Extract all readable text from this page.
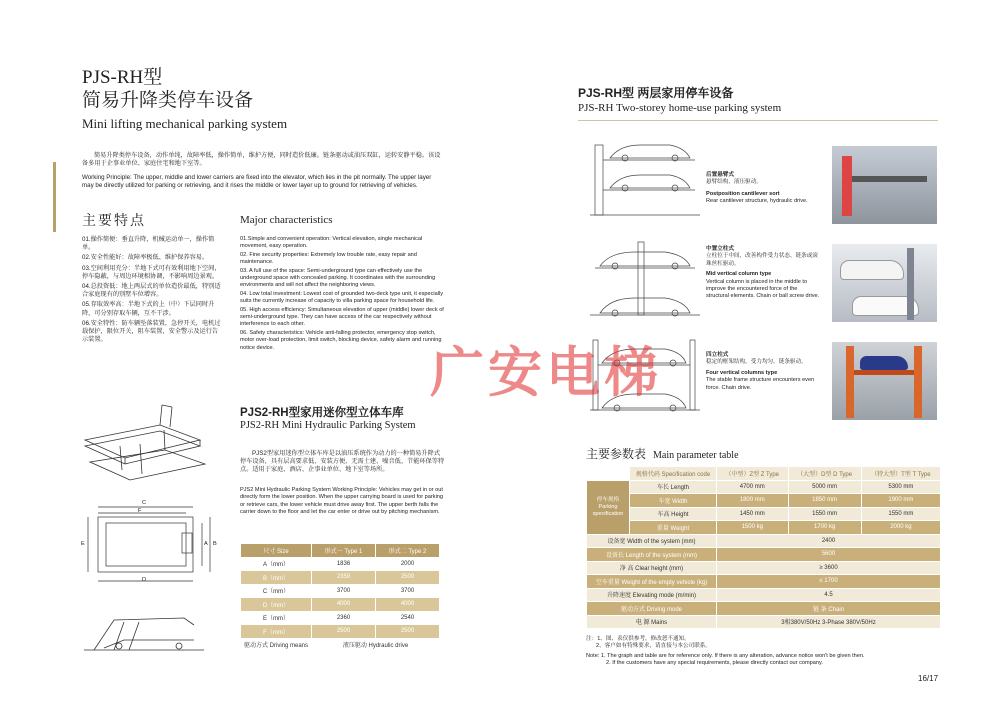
PJS-RH型
简易升降类停车设备
Mini lifting mechanical parking system
简易升降类停车设备，动作单纯，故障率低，操作简单，维护方便，同时造价低廉。链条驱动或油压双缸，运转安静平稳。该设备多用于企事业单位、家庭住宅和地下室等。
Working Principle: The upper, middle and lower carriers are fixed into the elevator, which lies in the pit normally. The upper layer may be directly utilized for parking or retrieving, and it rises the middle or lower layer up to ground for retrieving of vehicles.
主要特点	Major characteristics
01.操作简便：垂直升降，机械运动单一，操作简单。
02.安全性能好：故障率极低、维护保养容易。
03.空间利用充分：半地下式可有效利用地下空间，停车隐蔽，与周边环境相协调，不影响周边景观。
04.总投资低：地上两层式的单位造价最低，特别适合家庭现有的别墅车位增容。
05.存取效率高：半地下式的上（中）下层同时升降，可分别存取车辆，互不干涉。
06.安全特性：防车辆坠落装置，急停开关，电机过载保护，限位开关，阻车装置，安全警示及运行告示装置。
01.Simple and convenient operation: Vertical elevation, single mechanical movement, easy operation.
02. Fine security properties: Extremely low trouble rate, easy repair and maintenance.
03. A full use of the space: Semi-underground type can effectively use the underground space with concealed parking. It coordinates with the surrounding environments and will not affect the neighboring views.
04. Low total investment: Lowest cost of grounded two-deck type unit, it especially suits the currently increase of capacity to villa parking space for household life.
05. High access efficiency: Simultaneous elevation of upper (middle) lower deck of semi-underground type. They can have access of the car respectively without interference to each other.
06. Safety characteristics: Vehicle anti-falling protector, emergency stop switch, motor over-load protection, limit switch, blocking device, safety alarm and running notice device.
C
F
E	A B
D
PJS2-RH型家用迷你型立体车库
PJS2-RH Mini Hydraulic Parking System
PJS2型家用迷你型立体车库是以油压系统作为动力的一种简易升降式停车设备，具有层高要求低、安装方便、无需土建、噪音低、节能环保等特点。适用于家庭、酒店、企事业单位、地下室等场所。
PJS2 Mini Hydraulic Parking System Working Principle: Vehicles may get in or out directly form the lower position. When the upper carrying board is used for parking or retrieve cars, the lower vehicle must drive away first. The upper berth falls the carrier down to the floor and let the car enter or drive out by pitching mechanism.
尺寸 Size	形式一 Type 1	形式二 Type 2
A（mm）	1836	2000
B（mm）	2350	2500
C（mm）	3700	3700
D（mm）	4000	4000
E（mm）	2360	2540
F（mm）	2500	2500
驱动方式 Driving means	液压驱动 Hydraulic drive	
PJS-RH型 两层家用停车设备
PJS-RH Two-storey home-use parking system
后置悬臂式
悬臂结构，液压驱动。
Postposition cantilever sort
Rear cantilever structure, hydraulic drive.
中置立柱式
立柱位于中间，改善构件受力状态。链条或滚珠丝杠驱动。
Mid vertical column type
Vertical column is placed in the middle to improve the encountered force of the structural elements. Chain or ball screw drive.
四立柱式
稳定的框架结构，受力均匀。链条驱动。
Four vertical columns type
The stable frame structure encounters even force. Chain drive.
主要参数表 Main parameter table
	规格代码 Specification code	（中型）Z型 Z Type	（大型）D型 D Type	（特大型）T型 T Type
停车规格 Parking specification	车长 Length	4700 mm	5000 mm	5300 mm
	车宽 Width	1800 mm	1850 mm	1900 mm
	车高 Height	1450 mm	1550 mm	1550 mm
	重量 Weight	1500 kg	1700 kg	2000 kg
设备宽 Width of the system (mm)		2400		
设备长 Length of the system (mm)		5600		
净 高 Clear height (mm)		≥ 3600		
空车重量 Weight of the empty vehicle (kg)		≤ 1700		
升降速度 Elevating mode (m/min)		4.5		
驱动方式 Driving mode		链 条 Chain		
电 源 Mains		3相380V/50Hz 3-Phase 380V/50Hz		
注：1、图、表仅供参考，修改恕不通知。
2、客户如有特殊要求，请直接与本公司联系。
Note: 1. The graph and table are for reference only. If there is any alteration, advance notice won't be given then.
2. If the customers have any special requirements, please directly contact our company.
16/17
广安电梯
